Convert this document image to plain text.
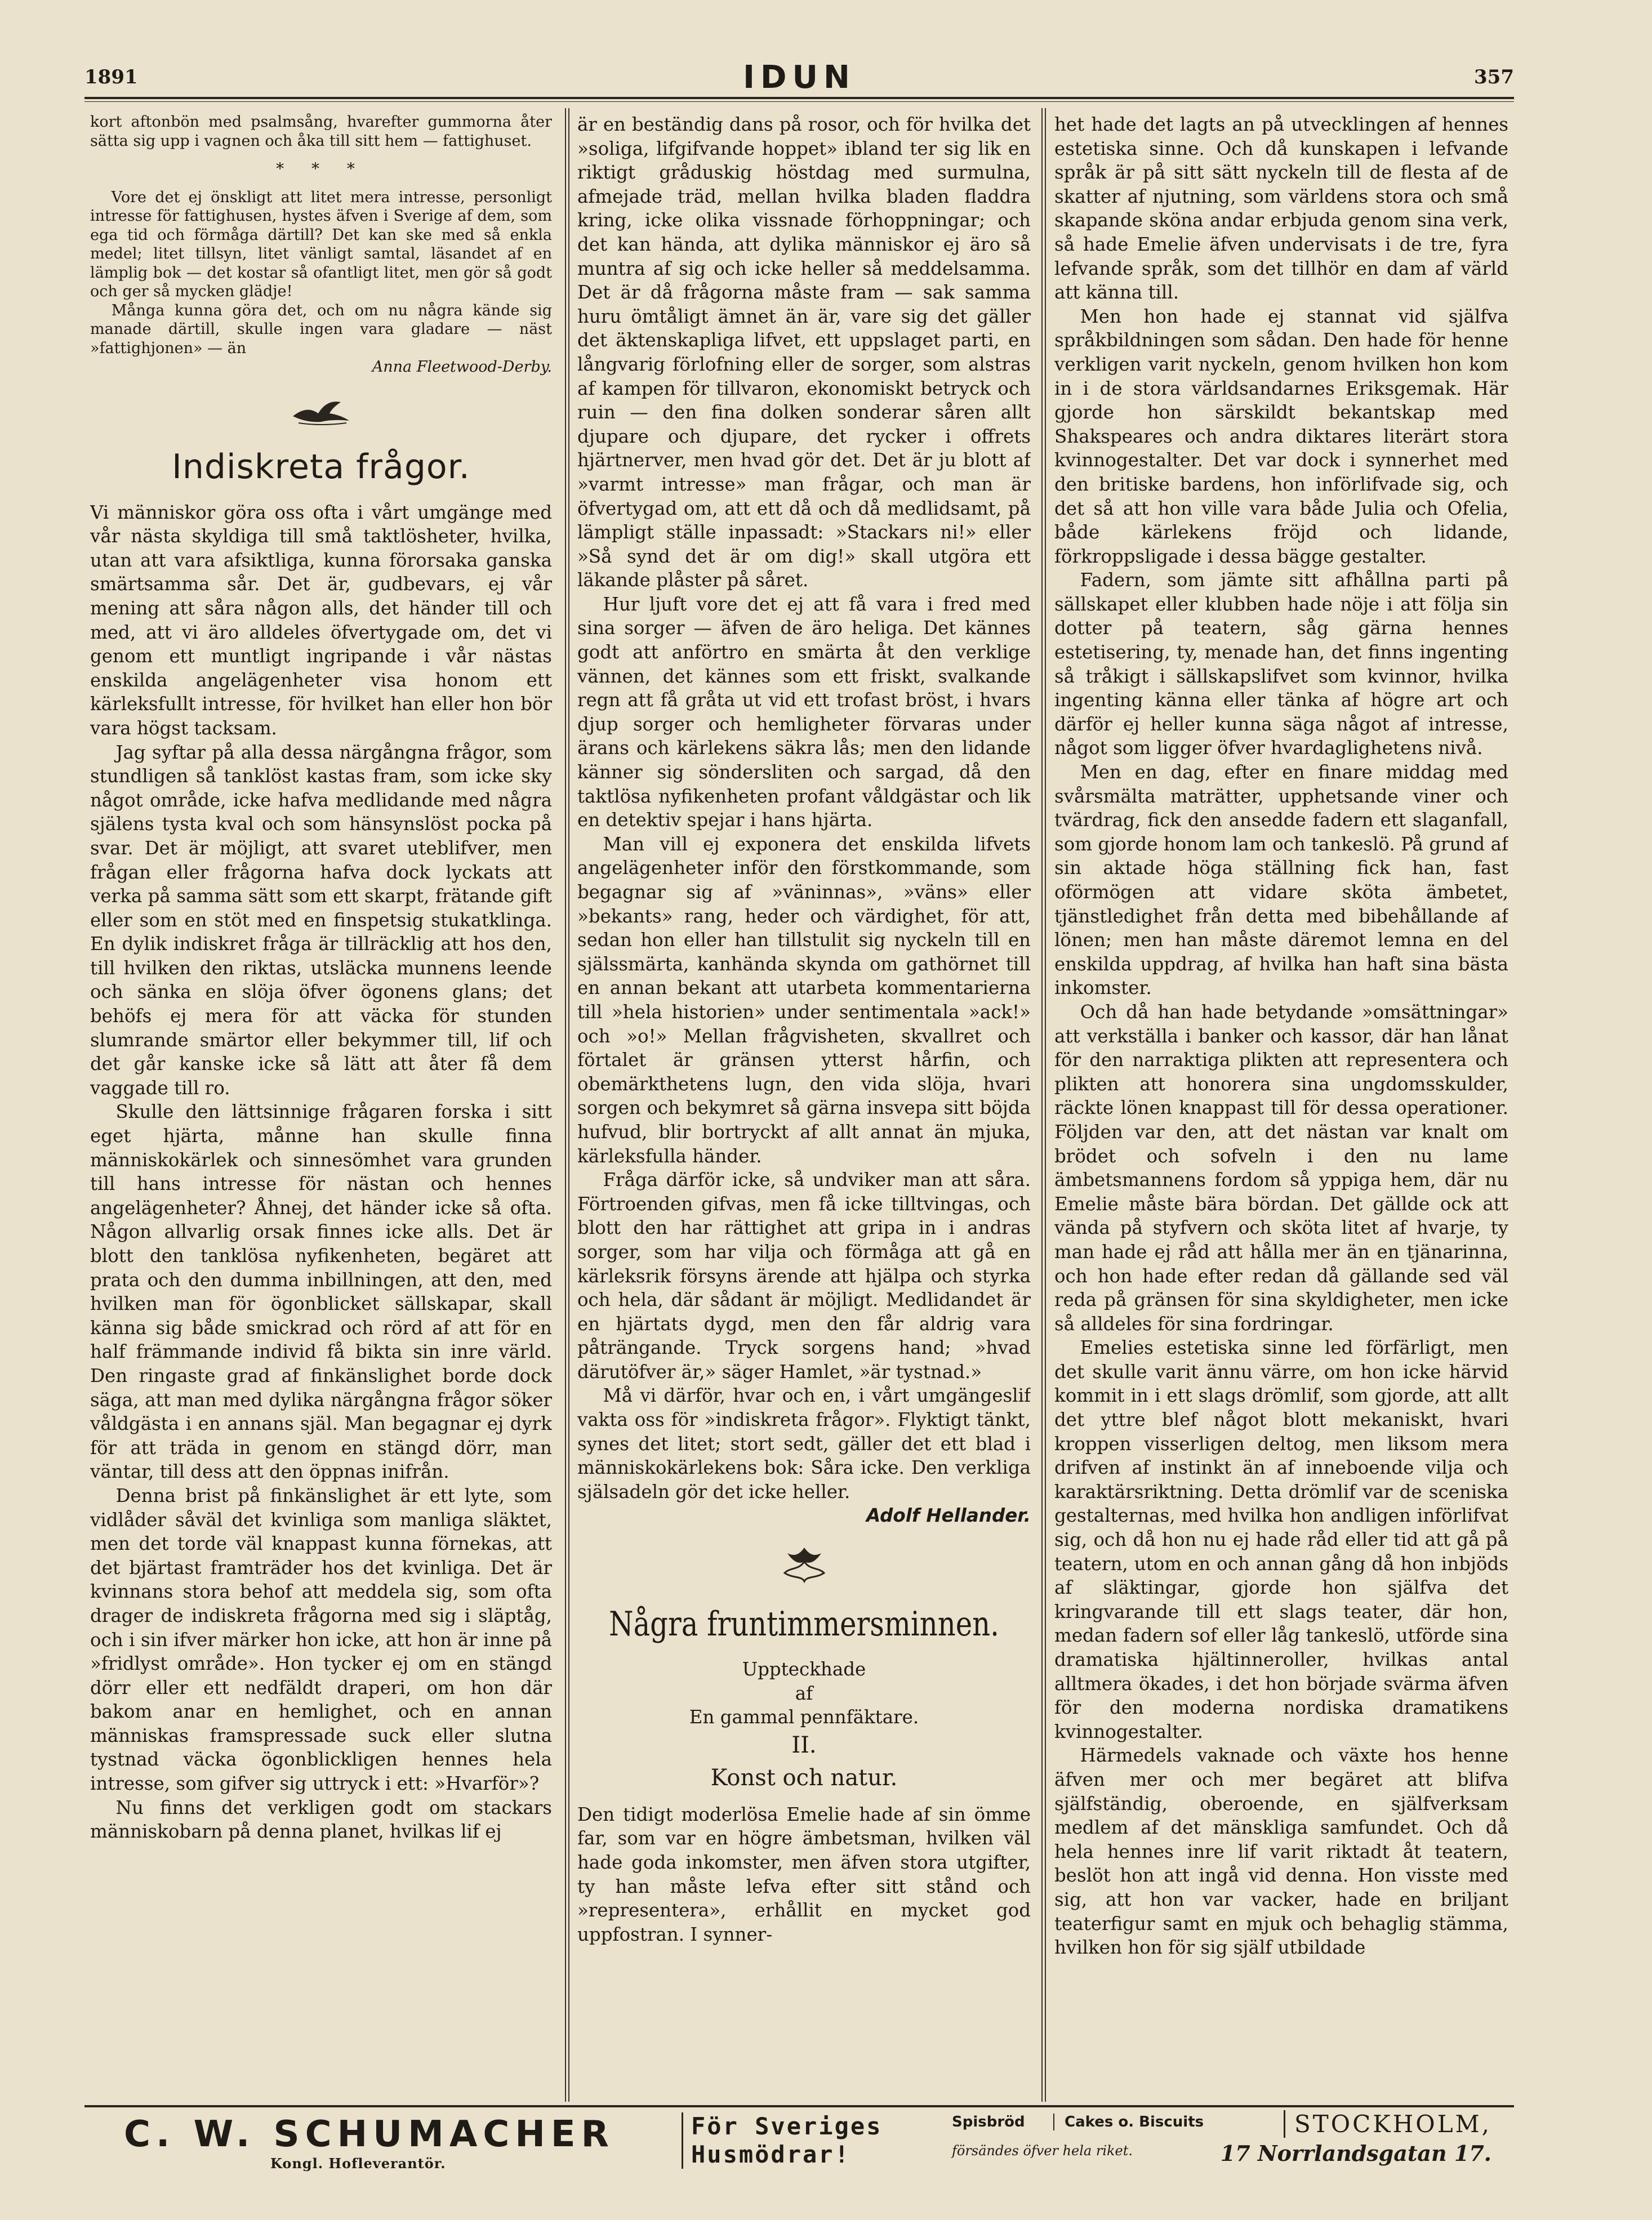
1891	IDUN	357

kort aftonbön med psalmsång, hvarefter gummorna åter sätta sig upp i vagnen och åka till sitt hem — fattighuset.

* * *

Vore det ej önskligt att litet mera intresse, personligt intresse för fattighusen, hystes äfven i Sverige af dem, som ega tid och förmåga därtill? Det kan ske med så enkla medel; litet tillsyn, litet vänligt samtal, läsandet af en lämplig bok — det kostar så ofantligt litet, men gör så godt och ger så mycken glädje!

Många kunna göra det, och om nu några kände sig manade därtill, skulle ingen vara gladare — näst »fattighjonen» — än

Anna Fleetwood-Derby.

Indiskreta frågor.

Vi människor göra oss ofta i vårt umgänge med vår nästa skyldiga till små taktlösheter, hvilka, utan att vara afsiktliga, kunna förorsaka ganska smärtsamma sår. Det är, gudbevars, ej vår mening att såra någon alls, det händer till och med, att vi äro alldeles öfvertygade om, det vi genom ett muntligt ingripande i vår nästas enskilda angelägenheter visa honom ett kärleksfullt intresse, för hvilket han eller hon bör vara högst tacksam.

Jag syftar på alla dessa närgångna frågor, som stundligen så tanklöst kastas fram, som icke sky något område, icke hafva medlidande med några själens tysta kval och som hänsynslöst pocka på svar. Det är möjligt, att svaret uteblifver, men frågan eller frågorna hafva dock lyckats att verka på samma sätt som ett skarpt, frätande gift eller som en stöt med en finspetsig stukatklinga. En dylik indiskret fråga är tillräcklig att hos den, till hvilken den riktas, utsläcka munnens leende och sänka en slöja öfver ögonens glans; det behöfs ej mera för att väcka för stunden slumrande smärtor eller bekymmer till, lif och det går kanske icke så lätt att åter få dem vaggade till ro.

Skulle den lättsinnige frågaren forska i sitt eget hjärta, månne han skulle finna människokärlek och sinnesömhet vara grunden till hans intresse för nästan och hennes angelägenheter? Åhnej, det händer icke så ofta. Någon allvarlig orsak finnes icke alls. Det är blott den tanklösa nyfikenheten, begäret att prata och den dumma inbillningen, att den, med hvilken man för ögonblicket sällskapar, skall känna sig både smickrad och rörd af att för en half främmande individ få bikta sin inre värld. Den ringaste grad af finkänslighet borde dock säga, att man med dylika närgångna frågor söker våldgästa i en annans själ. Man begagnar ej dyrk för att träda in genom en stängd dörr, man väntar, till dess att den öppnas inifrån.

Denna brist på finkänslighet är ett lyte, som vidlåder såväl det kvinliga som manliga släktet, men det torde väl knappast kunna förnekas, att det bjärtast framträder hos det kvinliga. Det är kvinnans stora behof att meddela sig, som ofta drager de indiskreta frågorna med sig i släptåg, och i sin ifver märker hon icke, att hon är inne på »fridlyst område». Hon tycker ej om en stängd dörr eller ett nedfäldt draperi, om hon där bakom anar en hemlighet, och en annan människas framspressade suck eller slutna tystnad väcka ögonblickligen hennes hela intresse, som gifver sig uttryck i ett: »Hvarför»?

Nu finns det verkligen godt om stackars människobarn på denna planet, hvilkas lif ej

är en beständig dans på rosor, och för hvilka det »soliga, lifgifvande hoppet» ibland ter sig lik en riktigt gråduskig höstdag med surmulna, afmejade träd, mellan hvilka bladen fladdra kring, icke olika vissnade förhoppningar; och det kan hända, att dylika människor ej äro så muntra af sig och icke heller så meddelsamma. Det är då frågorna måste fram — sak samma huru ömtåligt ämnet än är, vare sig det gäller det äktenskapliga lifvet, ett uppslaget parti, en långvarig förlofning eller de sorger, som alstras af kampen för tillvaron, ekonomiskt betryck och ruin — den fina dolken sonderar såren allt djupare och djupare, det rycker i offrets hjärtnerver, men hvad gör det. Det är ju blott af »varmt intresse» man frågar, och man är öfvertygad om, att ett då och då medlidsamt, på lämpligt ställe inpassadt: »Stackars ni!» eller »Så synd det är om dig!» skall utgöra ett läkande plåster på såret.

Hur ljuft vore det ej att få vara i fred med sina sorger — äfven de äro heliga. Det kännes godt att anförtro en smärta åt den verklige vännen, det kännes som ett friskt, svalkande regn att få gråta ut vid ett trofast bröst, i hvars djup sorger och hemligheter förvaras under ärans och kärlekens säkra lås; men den lidande känner sig söndersliten och sargad, då den taktlösa nyfikenheten profant våldgästar och lik en detektiv spejar i hans hjärta.

Man vill ej exponera det enskilda lifvets angelägenheter inför den förstkommande, som begagnar sig af »väninnas», »väns» eller »bekants» rang, heder och värdighet, för att, sedan hon eller han tillstulit sig nyckeln till en själssmärta, kanhända skynda om gathörnet till en annan bekant att utarbeta kommentarierna till »hela historien» under sentimentala »ack!» och »o!» Mellan frågvisheten, skvallret och förtalet är gränsen ytterst hårfin, och obemärkthetens lugn, den vida slöja, hvari sorgen och bekymret så gärna insvepa sitt böjda hufvud, blir bortryckt af allt annat än mjuka, kärleksfulla händer.

Fråga därför icke, så undviker man att såra. Förtroenden gifvas, men få icke tilltvingas, och blott den har rättighet att gripa in i andras sorger, som har vilja och förmåga att gå en kärleksrik försyns ärende att hjälpa och styrka och hela, där sådant är möjligt. Medlidandet är en hjärtats dygd, men den får aldrig vara påträngande. Tryck sorgens hand; »hvad därutöfver är,» säger Hamlet, »är tystnad.»

Må vi därför, hvar och en, i vårt umgängeslif vakta oss för »indiskreta frågor». Flyktigt tänkt, synes det litet; stort sedt, gäller det ett blad i människokärlekens bok: Såra icke. Den verkliga själsadeln gör det icke heller.

Adolf Hellander.

Några fruntimmersminnen.

Uppteckhade

af

En gammal pennfäktare.

II.

Konst och natur.

Den tidigt moderlösa Emelie hade af sin ömme far, som var en högre ämbetsman, hvilken väl hade goda inkomster, men äfven stora utgifter, ty han måste lefva efter sitt stånd och »representera», erhållit en mycket god uppfostran. I synner-

het hade det lagts an på utvecklingen af hennes estetiska sinne. Och då kunskapen i lefvande språk är på sitt sätt nyckeln till de flesta af de skatter af njutning, som världens stora och små skapande sköna andar erbjuda genom sina verk, så hade Emelie äfven undervisats i de tre, fyra lefvande språk, som det tillhör en dam af värld att känna till.

Men hon hade ej stannat vid själfva språkbildningen som sådan. Den hade för henne verkligen varit nyckeln, genom hvilken hon kom in i de stora världsandarnes Eriksgemak. Här gjorde hon särskildt bekantskap med Shakspeares och andra diktares literärt stora kvinnogestalter. Det var dock i synnerhet med den britiske bardens, hon införlifvade sig, och det så att hon ville vara både Julia och Ofelia, både kärlekens fröjd och lidande, förkroppsligade i dessa bägge gestalter.

Fadern, som jämte sitt afhållna parti på sällskapet eller klubben hade nöje i att följa sin dotter på teatern, såg gärna hennes estetisering, ty, menade han, det finns ingenting så tråkigt i sällskapslifvet som kvinnor, hvilka ingenting känna eller tänka af högre art och därför ej heller kunna säga något af intresse, något som ligger öfver hvardaglighetens nivå.

Men en dag, efter en finare middag med svårsmälta maträtter, upphetsande viner och tvärdrag, fick den ansedde fadern ett slaganfall, som gjorde honom lam och tankeslö. På grund af sin aktade höga ställning fick han, fast oförmögen att vidare sköta ämbetet, tjänstledighet från detta med bibehållande af lönen; men han måste däremot lemna en del enskilda uppdrag, af hvilka han haft sina bästa inkomster.

Och då han hade betydande »omsättningar» att verkställa i banker och kassor, där han lånat för den narraktiga plikten att representera och plikten att honorera sina ungdomsskulder, räckte lönen knappast till för dessa operationer. Följden var den, att det nästan var knalt om brödet och sofveln i den nu lame ämbetsmannens fordom så yppiga hem, där nu Emelie måste bära bördan. Det gällde ock att vända på styfvern och sköta litet af hvarje, ty man hade ej råd att hålla mer än en tjänarinna, och hon hade efter redan då gällande sed väl reda på gränsen för sina skyldigheter, men icke så alldeles för sina fordringar.

Emelies estetiska sinne led förfärligt, men det skulle varit ännu värre, om hon icke härvid kommit in i ett slags drömlif, som gjorde, att allt det yttre blef något blott mekaniskt, hvari kroppen visserligen deltog, men liksom mera drifven af instinkt än af inneboende vilja och karaktärsriktning. Detta drömlif var de sceniska gestalternas, med hvilka hon andligen införlifvat sig, och då hon nu ej hade råd eller tid att gå på teatern, utom en och annan gång då hon inbjöds af släktingar, gjorde hon själfva det kringvarande till ett slags teater, där hon, medan fadern sof eller låg tankeslö, utförde sina dramatiska hjältinneroller, hvilkas antal alltmera ökades, i det hon började svärma äfven för den moderna nordiska dramatikens kvinnogestalter.

Härmedels vaknade och växte hos henne äfven mer och mer begäret att blifva själfständig, oberoende, en själfverksam medlem af det mänskliga samfundet. Och då hela hennes inre lif varit riktadt åt teatern, beslöt hon att ingå vid denna. Hon visste med sig, att hon var vacker, hade en briljant teaterfigur samt en mjuk och behaglig stämma, hvilken hon för sig själf utbildade

C. W. SCHUMACHER
Kongl. Hofleverantör.
För Sveriges
Husmödrar!
Spisbröd	Cakes o. Biscuits
försändes öfver hela riket.
STOCKHOLM,
17 Norrlandsgatan 17.
